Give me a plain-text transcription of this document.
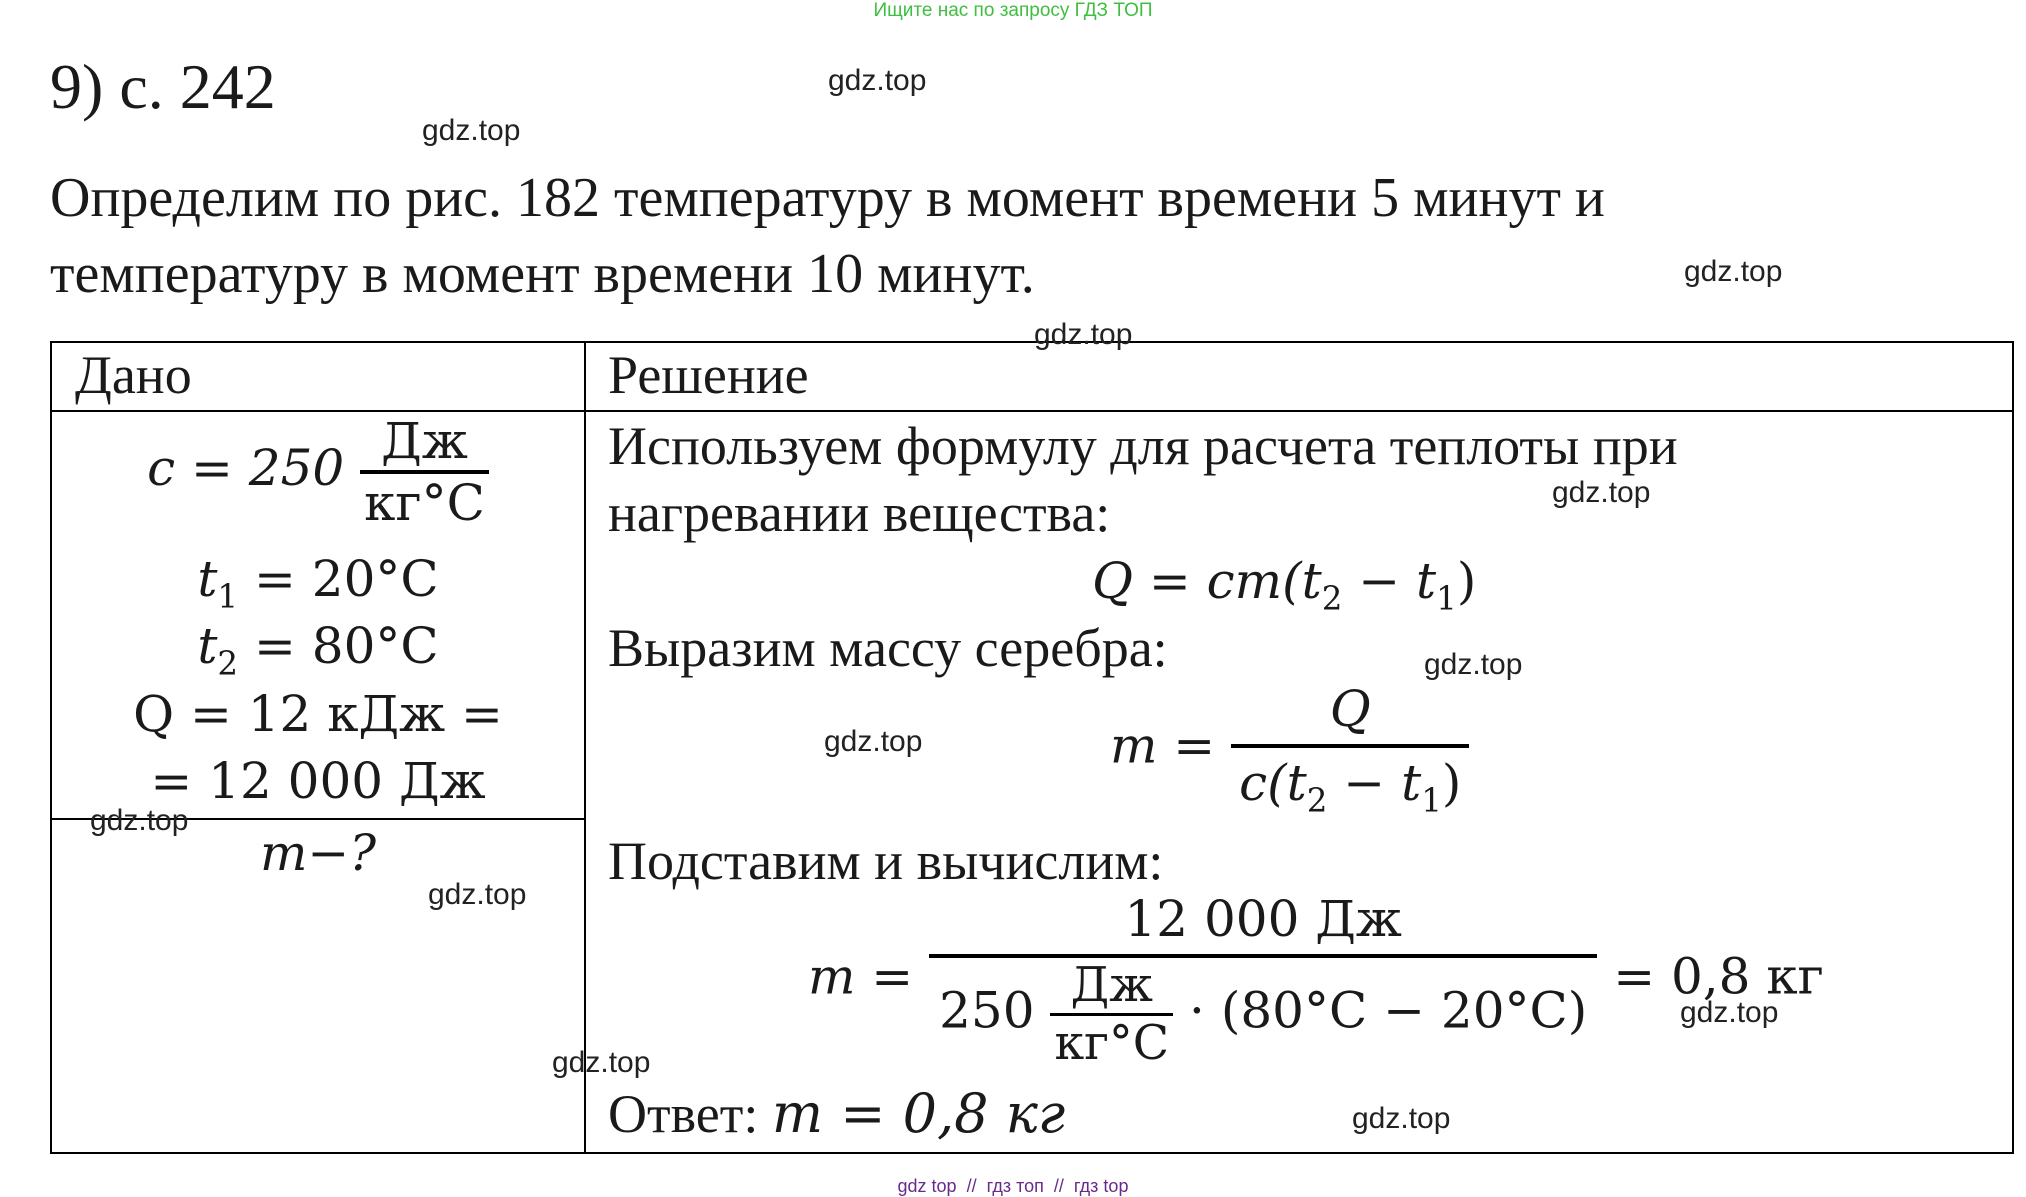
Ищите нас по запросу ГДЗ ТОП
9) с. 242
Определим по рис. 182 температуру в момент времени 5 минут и
температуру в момент времени 10 минут.
Дано	Решение
$c = 250 \frac{Дж}{кг^\circ C}$
$t_1 = 20^\circ C$
$t_2 = 80^\circ C$
Q = 12 кДж =
= 12 000 Дж
m−?
Используем формулу для расчета теплоты при
нагревании вещества:
$Q = cm(t_2 - t_1)$
Выразим массу серебра:
$m = \frac{Q}{c(t_2 - t_1)}$
Подставим и вычислим:
m =
12 000 Дж
$250 \frac{Дж}{кг^\circ C} \cdot (80^\circ C - 20^\circ C)$
= 0,8 кг
Ответ: m = 0,8 кг
gdz.top
gdz.top
gdz.top
gdz.top
gdz.top
gdz.top
gdz.top
gdz.top
gdz.top
gdz.top
gdz.top
gdz.top
gdz top // гдз топ // гдз top
